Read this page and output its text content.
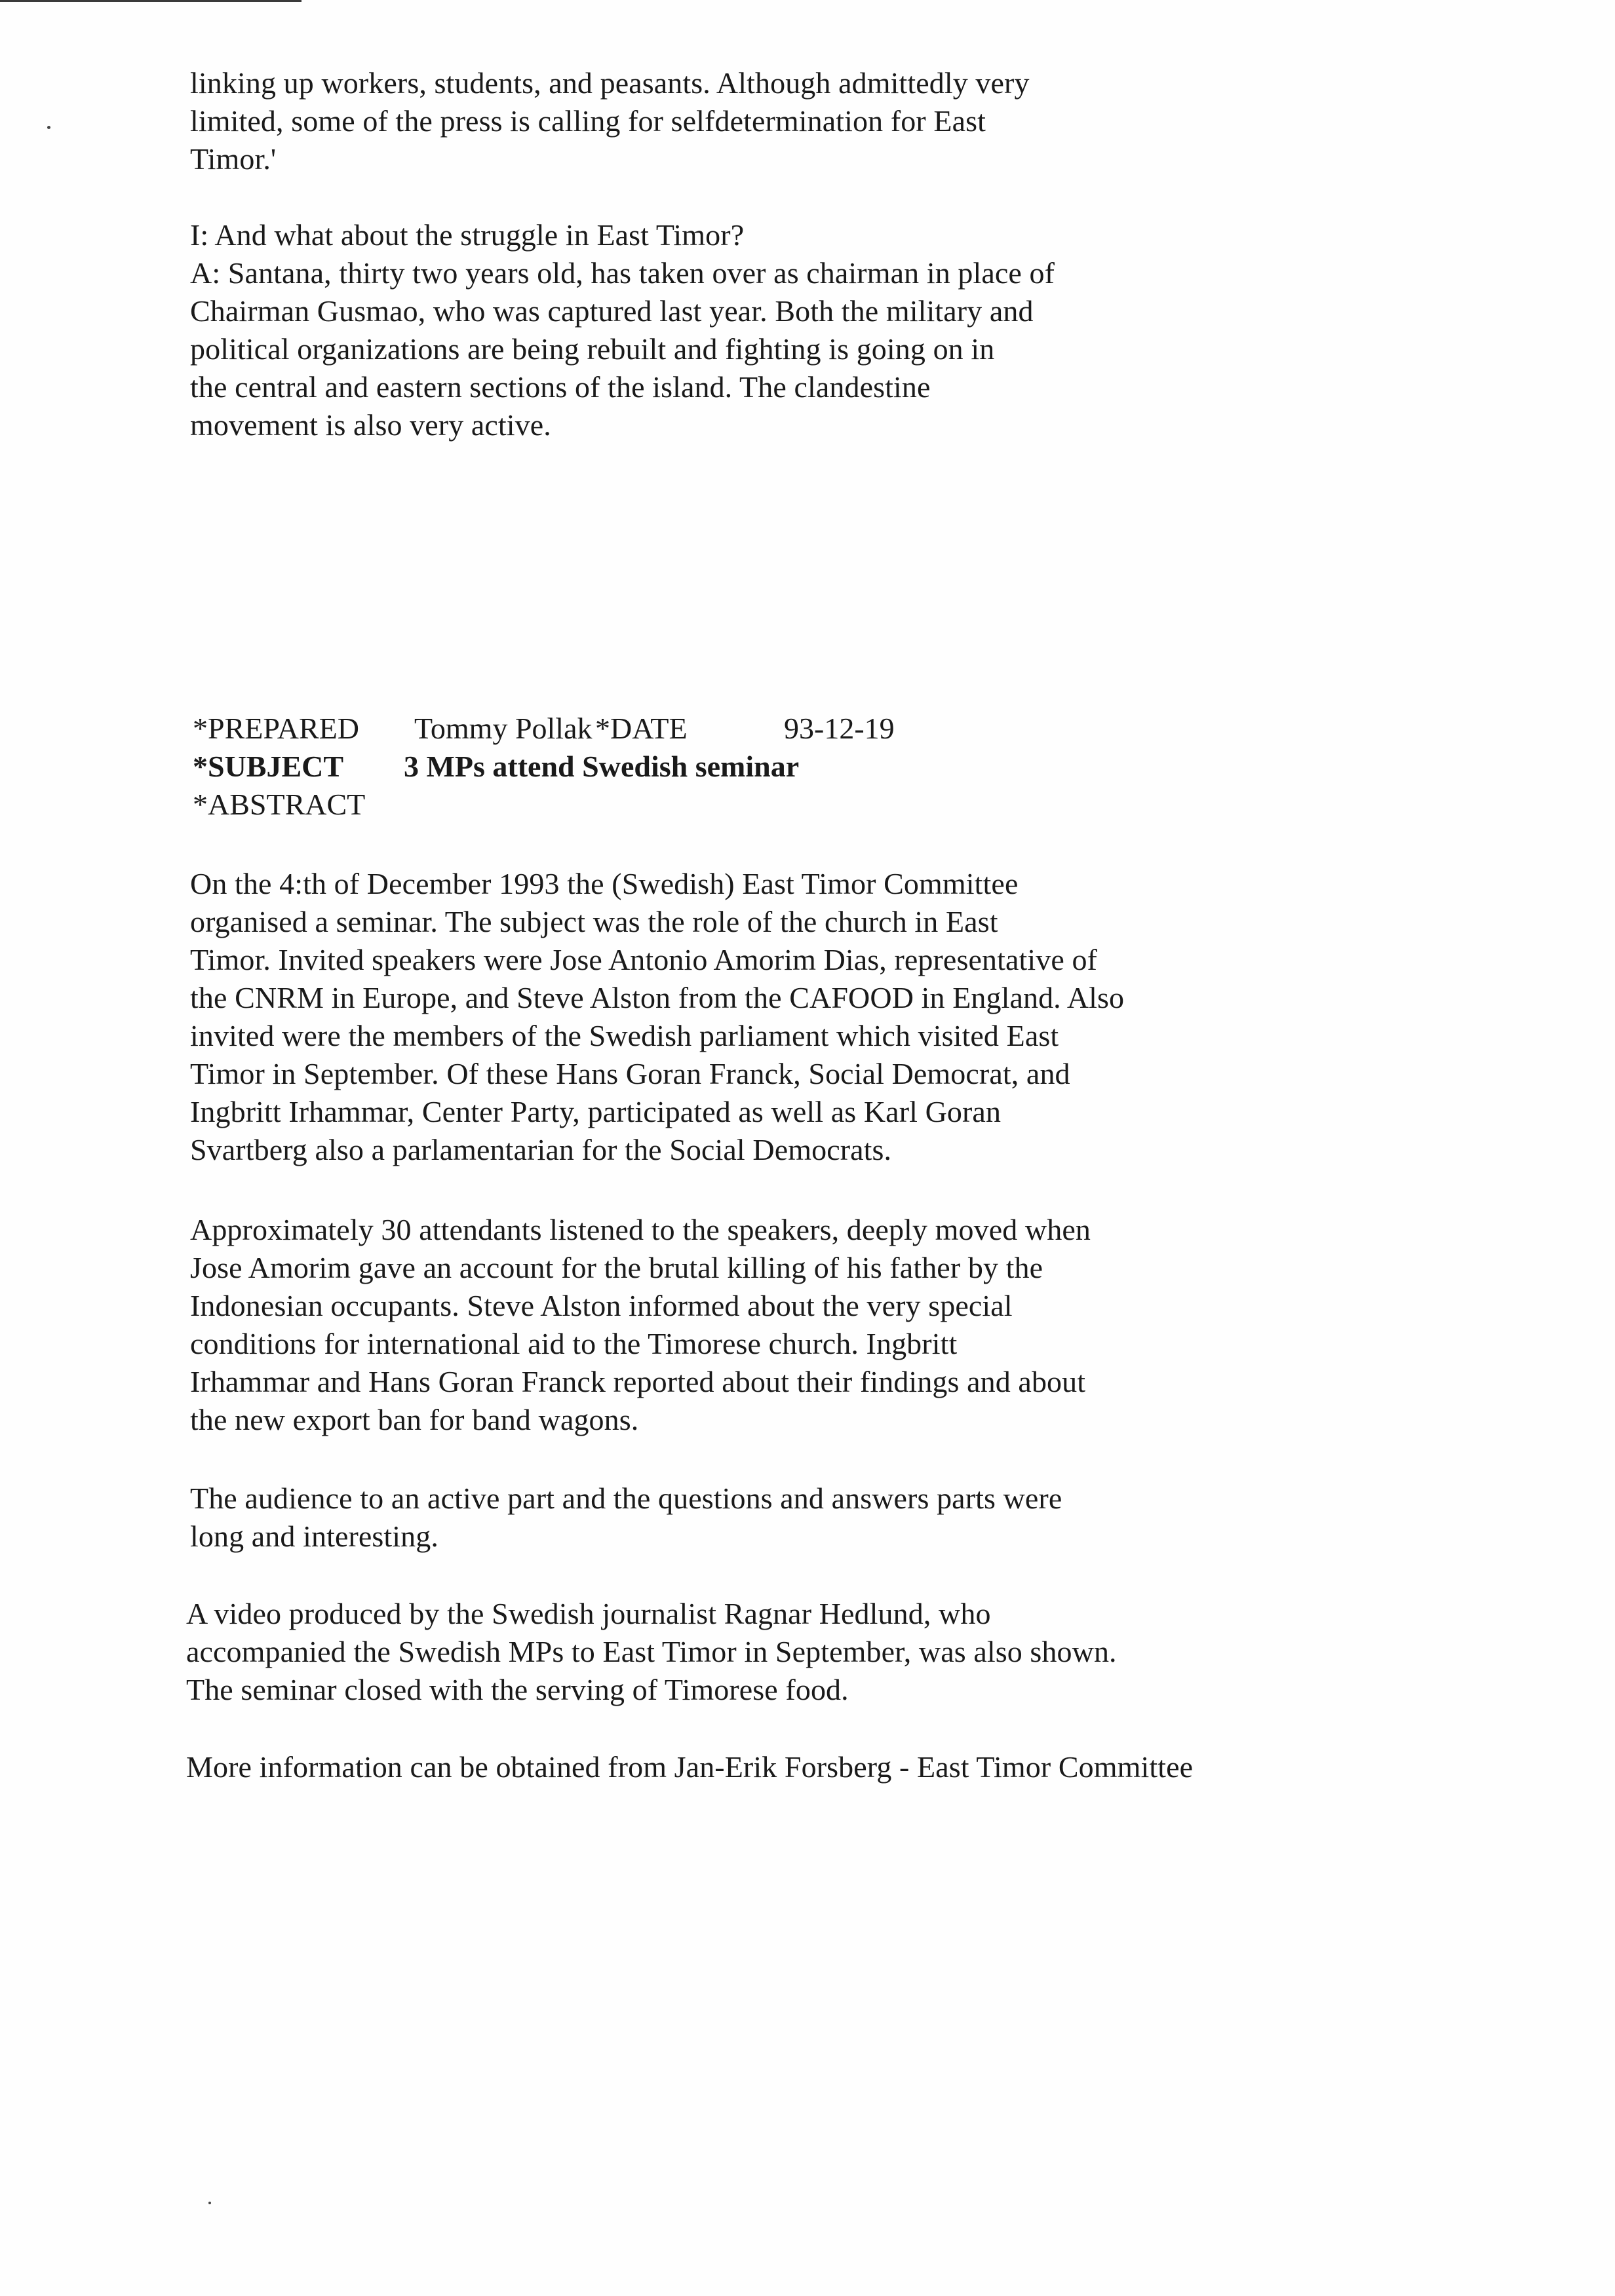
linking up workers, students, and peasants. Although admittedly very
limited, some of the press is calling for selfdetermination for East
Timor.'
I: And what about the struggle in East Timor?
A: Santana, thirty two years old, has taken over as chairman in place of
Chairman Gusmao, who was captured last year. Both the military and
political organizations are being rebuilt and fighting is going on in
the central and eastern sections of the island. The clandestine
movement is also very active.
*PREPARED Tommy Pollak *DATE	93-12-19
*SUBJECT 3 MPs attend Swedish seminar
*ABSTRACT
On the 4:th of December 1993 the (Swedish) East Timor Committee
organised a seminar. The subject was the role of the church in East
Timor. Invited speakers were Jose Antonio Amorim Dias, representative of
the CNRM in Europe, and Steve Alston from the CAFOOD in England. Also
invited were the members of the Swedish parliament which visited East
Timor in September. Of these Hans Goran Franck, Social Democrat, and
Ingbritt Irhammar, Center Party, participated as well as Karl Goran
Svartberg also a parlamentarian for the Social Democrats.
Approximately 30 attendants listened to the speakers, deeply moved when
Jose Amorim gave an account for the brutal killing of his father by the
Indonesian occupants. Steve Alston informed about the very special
conditions for international aid to the Timorese church. Ingbritt
Irhammar and Hans Goran Franck reported about their findings and about
the new export ban for band wagons.
The audience to an active part and the questions and answers parts were
long and interesting.
A video produced by the Swedish journalist Ragnar Hedlund, who
accompanied the Swedish MPs to East Timor in September, was also shown.
The seminar closed with the serving of Timorese food.
More information can be obtained from Jan-Erik Forsberg - East Timor Committee
